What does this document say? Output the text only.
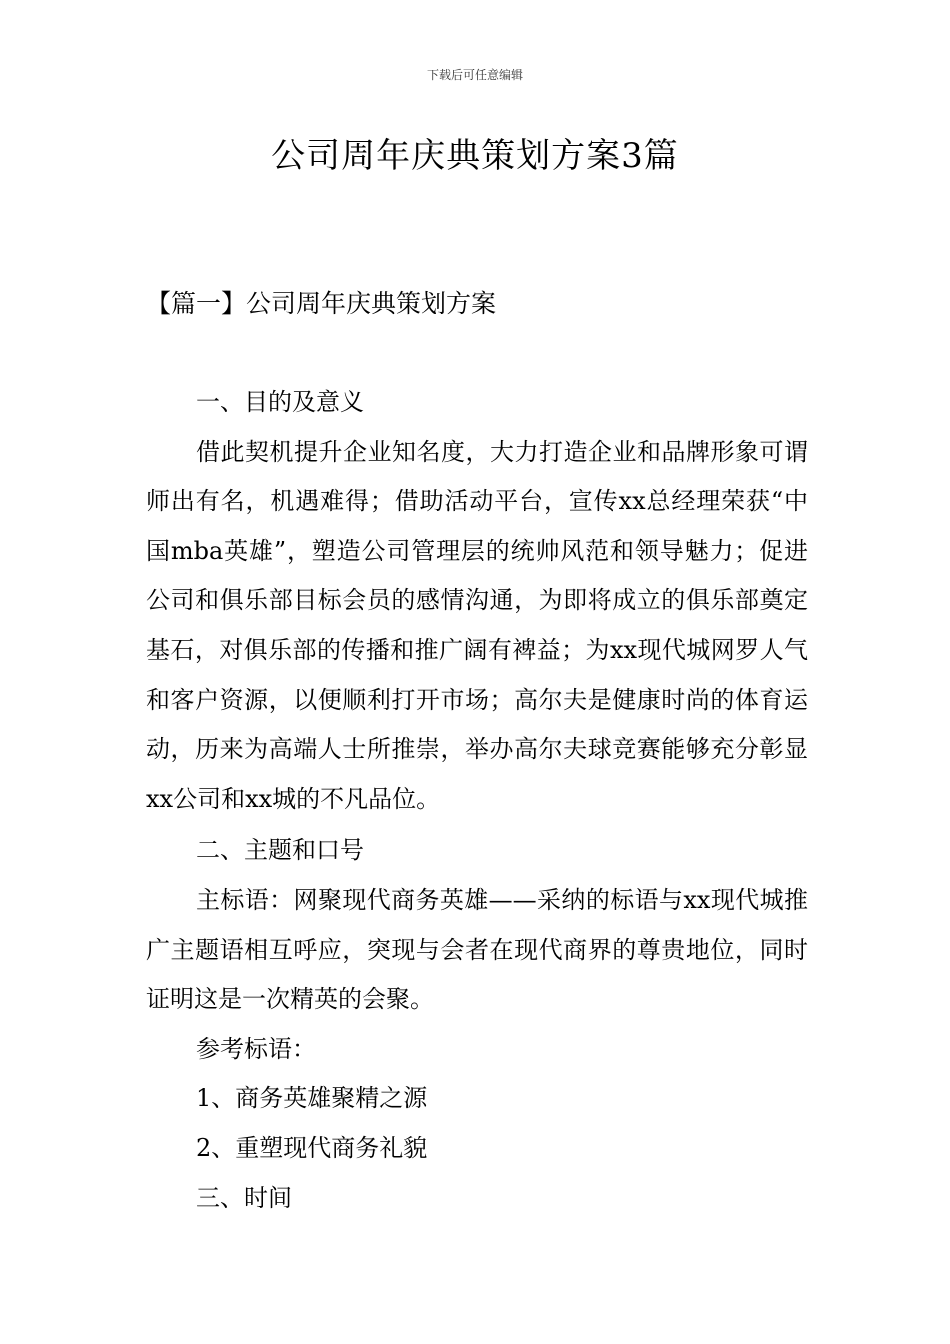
下载后可任意编辑
公司周年庆典策划方案3篇
【篇一】公司周年庆典策划方案

一、目的及意义

借此契机提升企业知名度，大力打造企业和品牌形象可谓师出有名，机遇难得；借助活动平台，宣传xx总经理荣获“中国mba英雄”，塑造公司管理层的统帅风范和领导魅力；促进公司和俱乐部目标会员的感情沟通，为即将成立的俱乐部奠定基石，对俱乐部的传播和推广阔有裨益；为xx现代城网罗人气和客户资源，以便顺利打开市场；高尔夫是健康时尚的体育运动，历来为高端人士所推崇，举办高尔夫球竞赛能够充分彰显xx公司和xx城的不凡品位。

二、主题和口号

主标语：网聚现代商务英雄——采纳的标语与xx现代城推广主题语相互呼应，突现与会者在现代商界的尊贵地位，同时证明这是一次精英的会聚。

参考标语：

1、商务英雄聚精之源

2、重塑现代商务礼貌

三、时间
